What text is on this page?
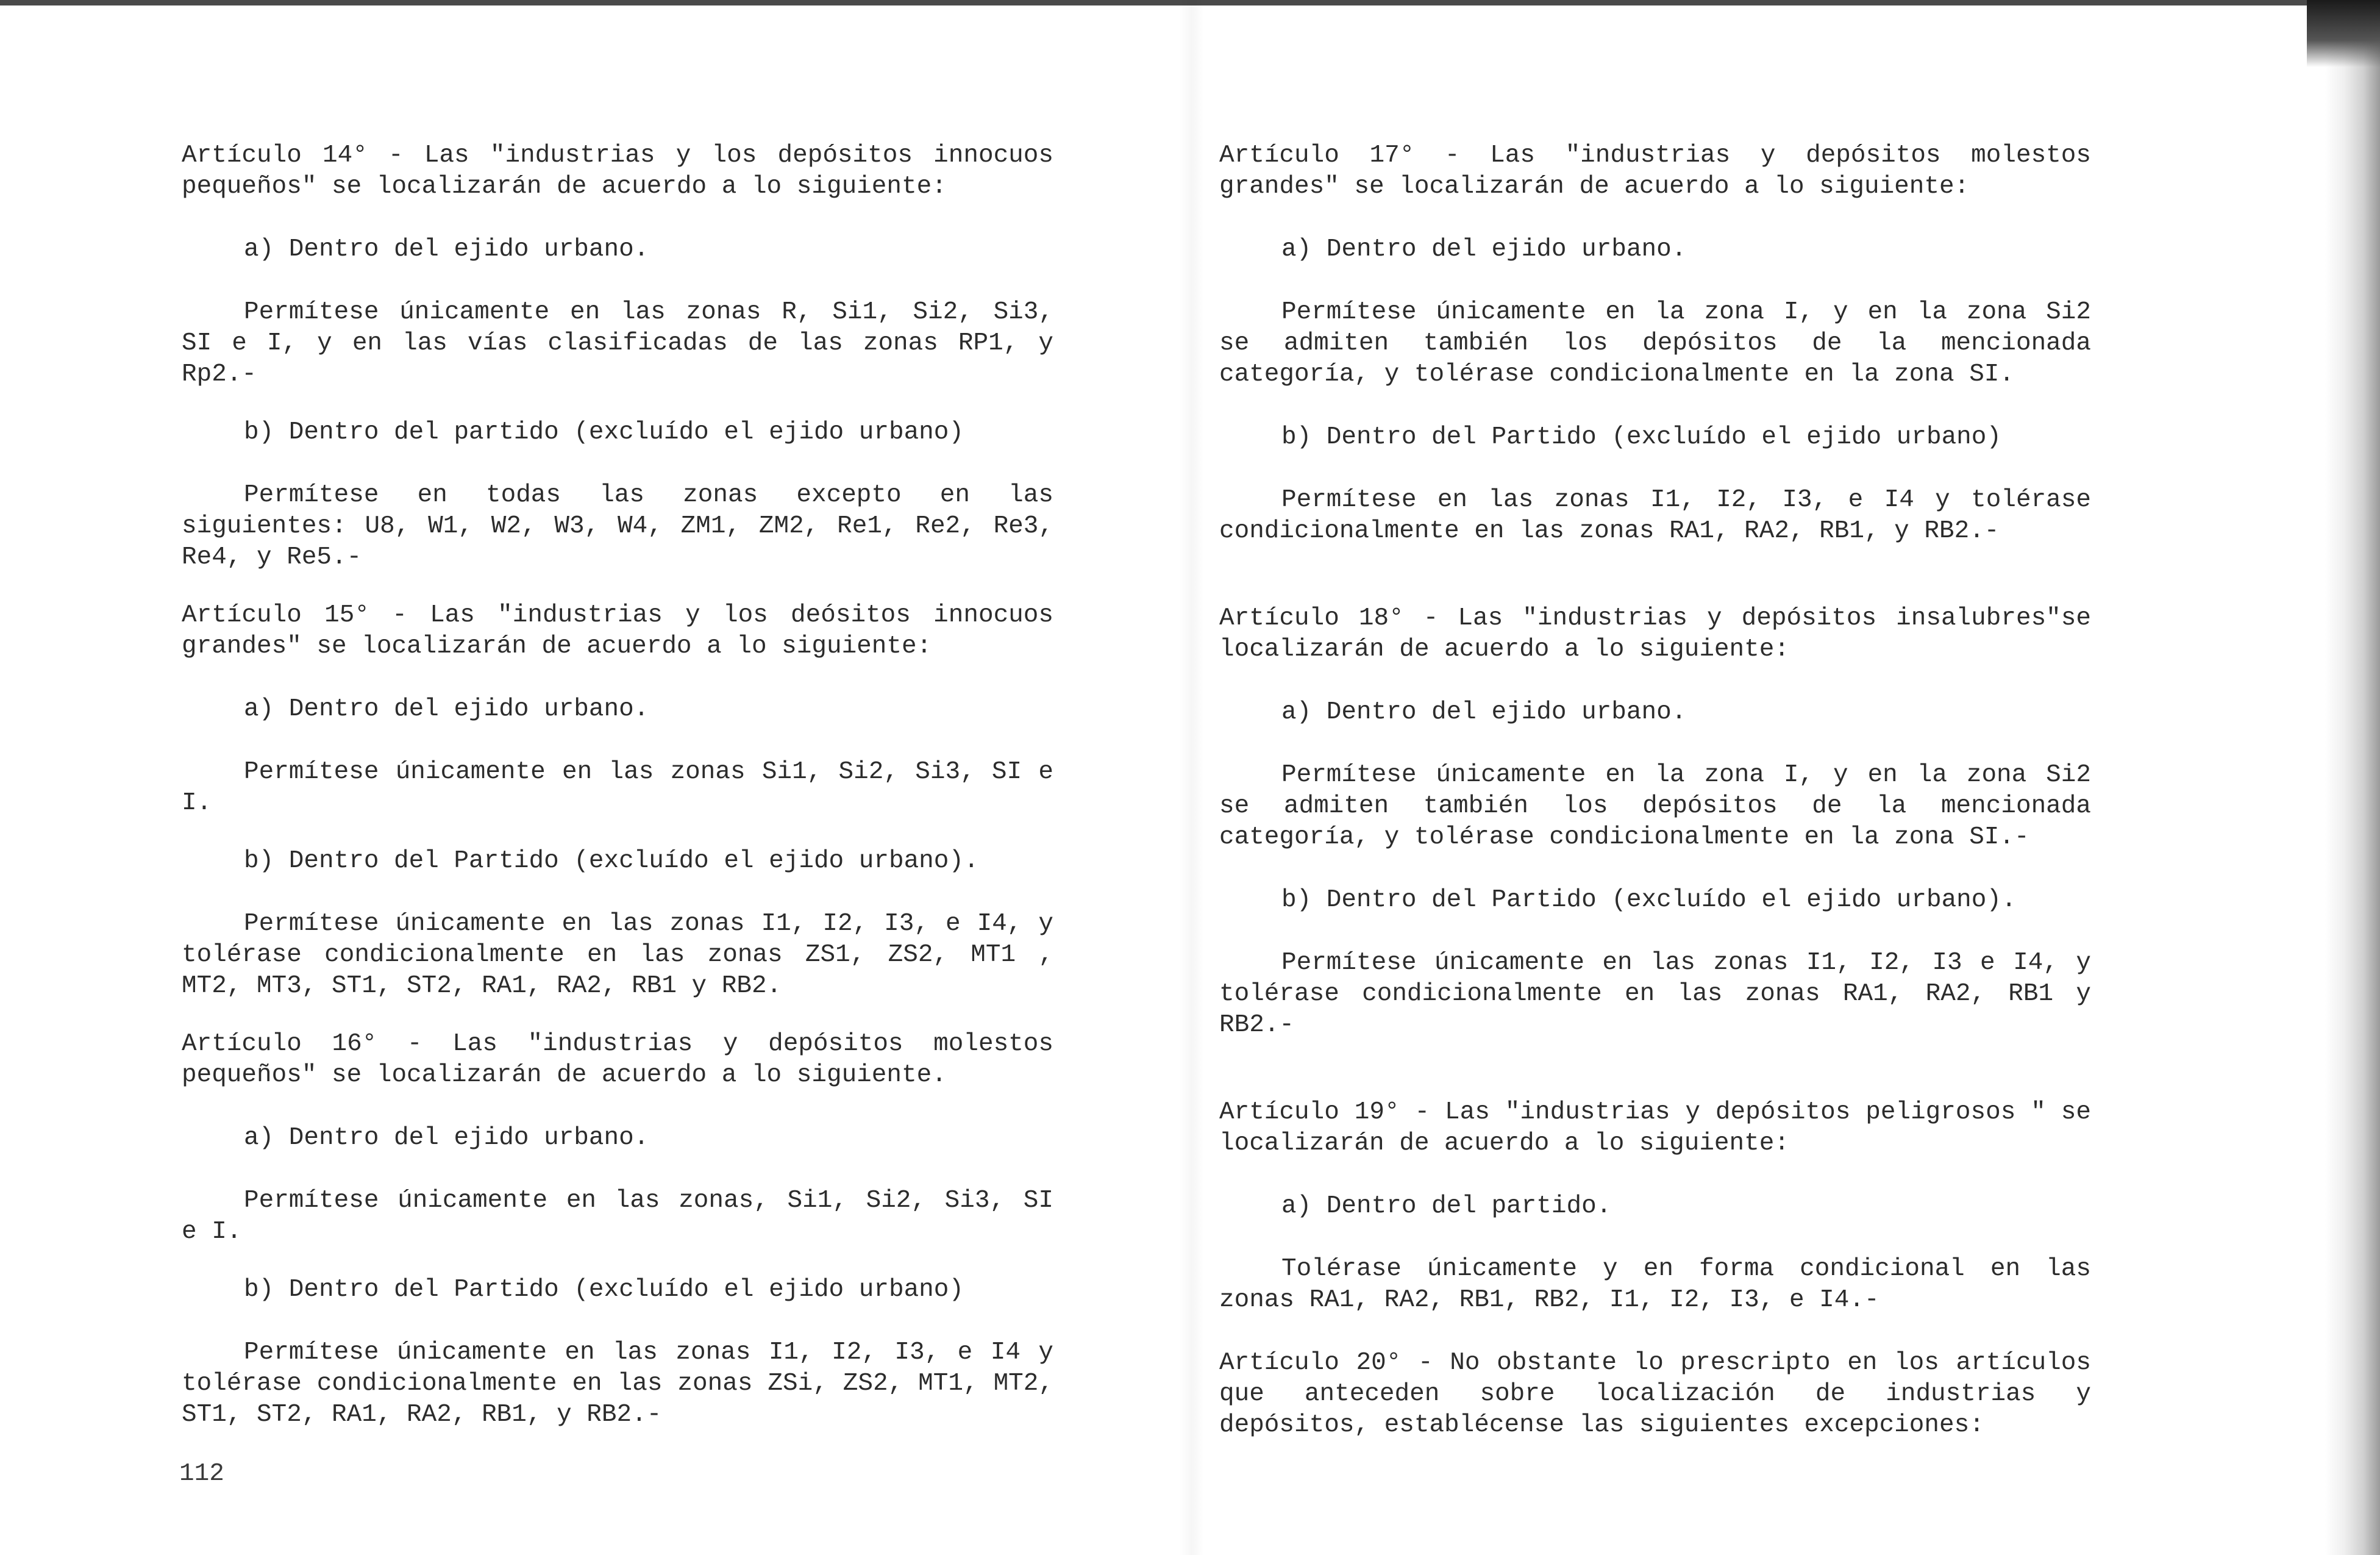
Artículo 14° - Las "industrias y los depósitos innocuos pequeños" se localizarán de acuerdo a lo siguiente:

a) Dentro del ejido urbano.

Permítese únicamente en las zonas R, Si1, Si2, Si3, SI e I, y en las vías clasificadas de las zonas RP1, y Rp2.-

b) Dentro del partido (excluído el ejido urbano)

Permítese en todas las zonas excepto en las siguientes: U8, W1, W2, W3, W4, ZM1, ZM2, Re1, Re2, Re3, Re4, y Re5.-

Artículo 15° - Las "industrias y los deósitos innocuos grandes" se localizarán de acuerdo a lo siguiente:

a) Dentro del ejido urbano.

Permítese únicamente en las zonas Si1, Si2, Si3, SI e I.

b) Dentro del Partido (excluído el ejido urbano).

Permítese únicamente en las zonas I1, I2, I3, e I4, y tolérase condicionalmente en las zonas ZS1, ZS2, MT1 , MT2, MT3, ST1, ST2, RA1, RA2, RB1 y RB2.

Artículo 16° - Las "industrias y depósitos molestos pequeños" se localizarán de acuerdo a lo siguiente.

a) Dentro del ejido urbano.

Permítese únicamente en las zonas, Si1, Si2, Si3, SI e I.

b) Dentro del Partido (excluído el ejido urbano)

Permítese únicamente en las zonas I1, I2, I3, e I4 y tolérase condicionalmente en las zonas ZSi, ZS2, MT1, MT2, ST1, ST2, RA1, RA2, RB1, y RB2.-

112

Artículo 17° - Las "industrias y depósitos molestos grandes" se localizarán de acuerdo a lo siguiente:

a) Dentro del ejido urbano.

Permítese únicamente en la zona I, y en la zona Si2 se admiten también los depósitos de la mencionada categoría, y tolérase condicionalmente en la zona SI.

b) Dentro del Partido (excluído el ejido urbano)

Permítese en las zonas I1, I2, I3, e I4 y tolérase condicionalmente en las zonas RA1, RA2, RB1, y RB2.-

Artículo 18° - Las "industrias y depósitos insalubres"se localizarán de acuerdo a lo siguiente:

a) Dentro del ejido urbano.

Permítese únicamente en la zona I, y en la zona Si2 se admiten también los depósitos de la mencionada categoría, y tolérase condicionalmente en la zona SI.-

b) Dentro del Partido (excluído el ejido urbano).

Permítese únicamente en las zonas I1, I2, I3 e I4, y tolérase condicionalmente en las zonas RA1, RA2, RB1 y RB2.-

Artículo 19° - Las "industrias y depósitos peligrosos " se localizarán de acuerdo a lo siguiente:

a) Dentro del partido.

Tolérase únicamente y en forma condicional en las zonas RA1, RA2, RB1, RB2, I1, I2, I3, e I4.-

Artículo 20° - No obstante lo prescripto en los artículos que anteceden sobre localización de industrias y depósitos, establécense las siguientes excepciones:
